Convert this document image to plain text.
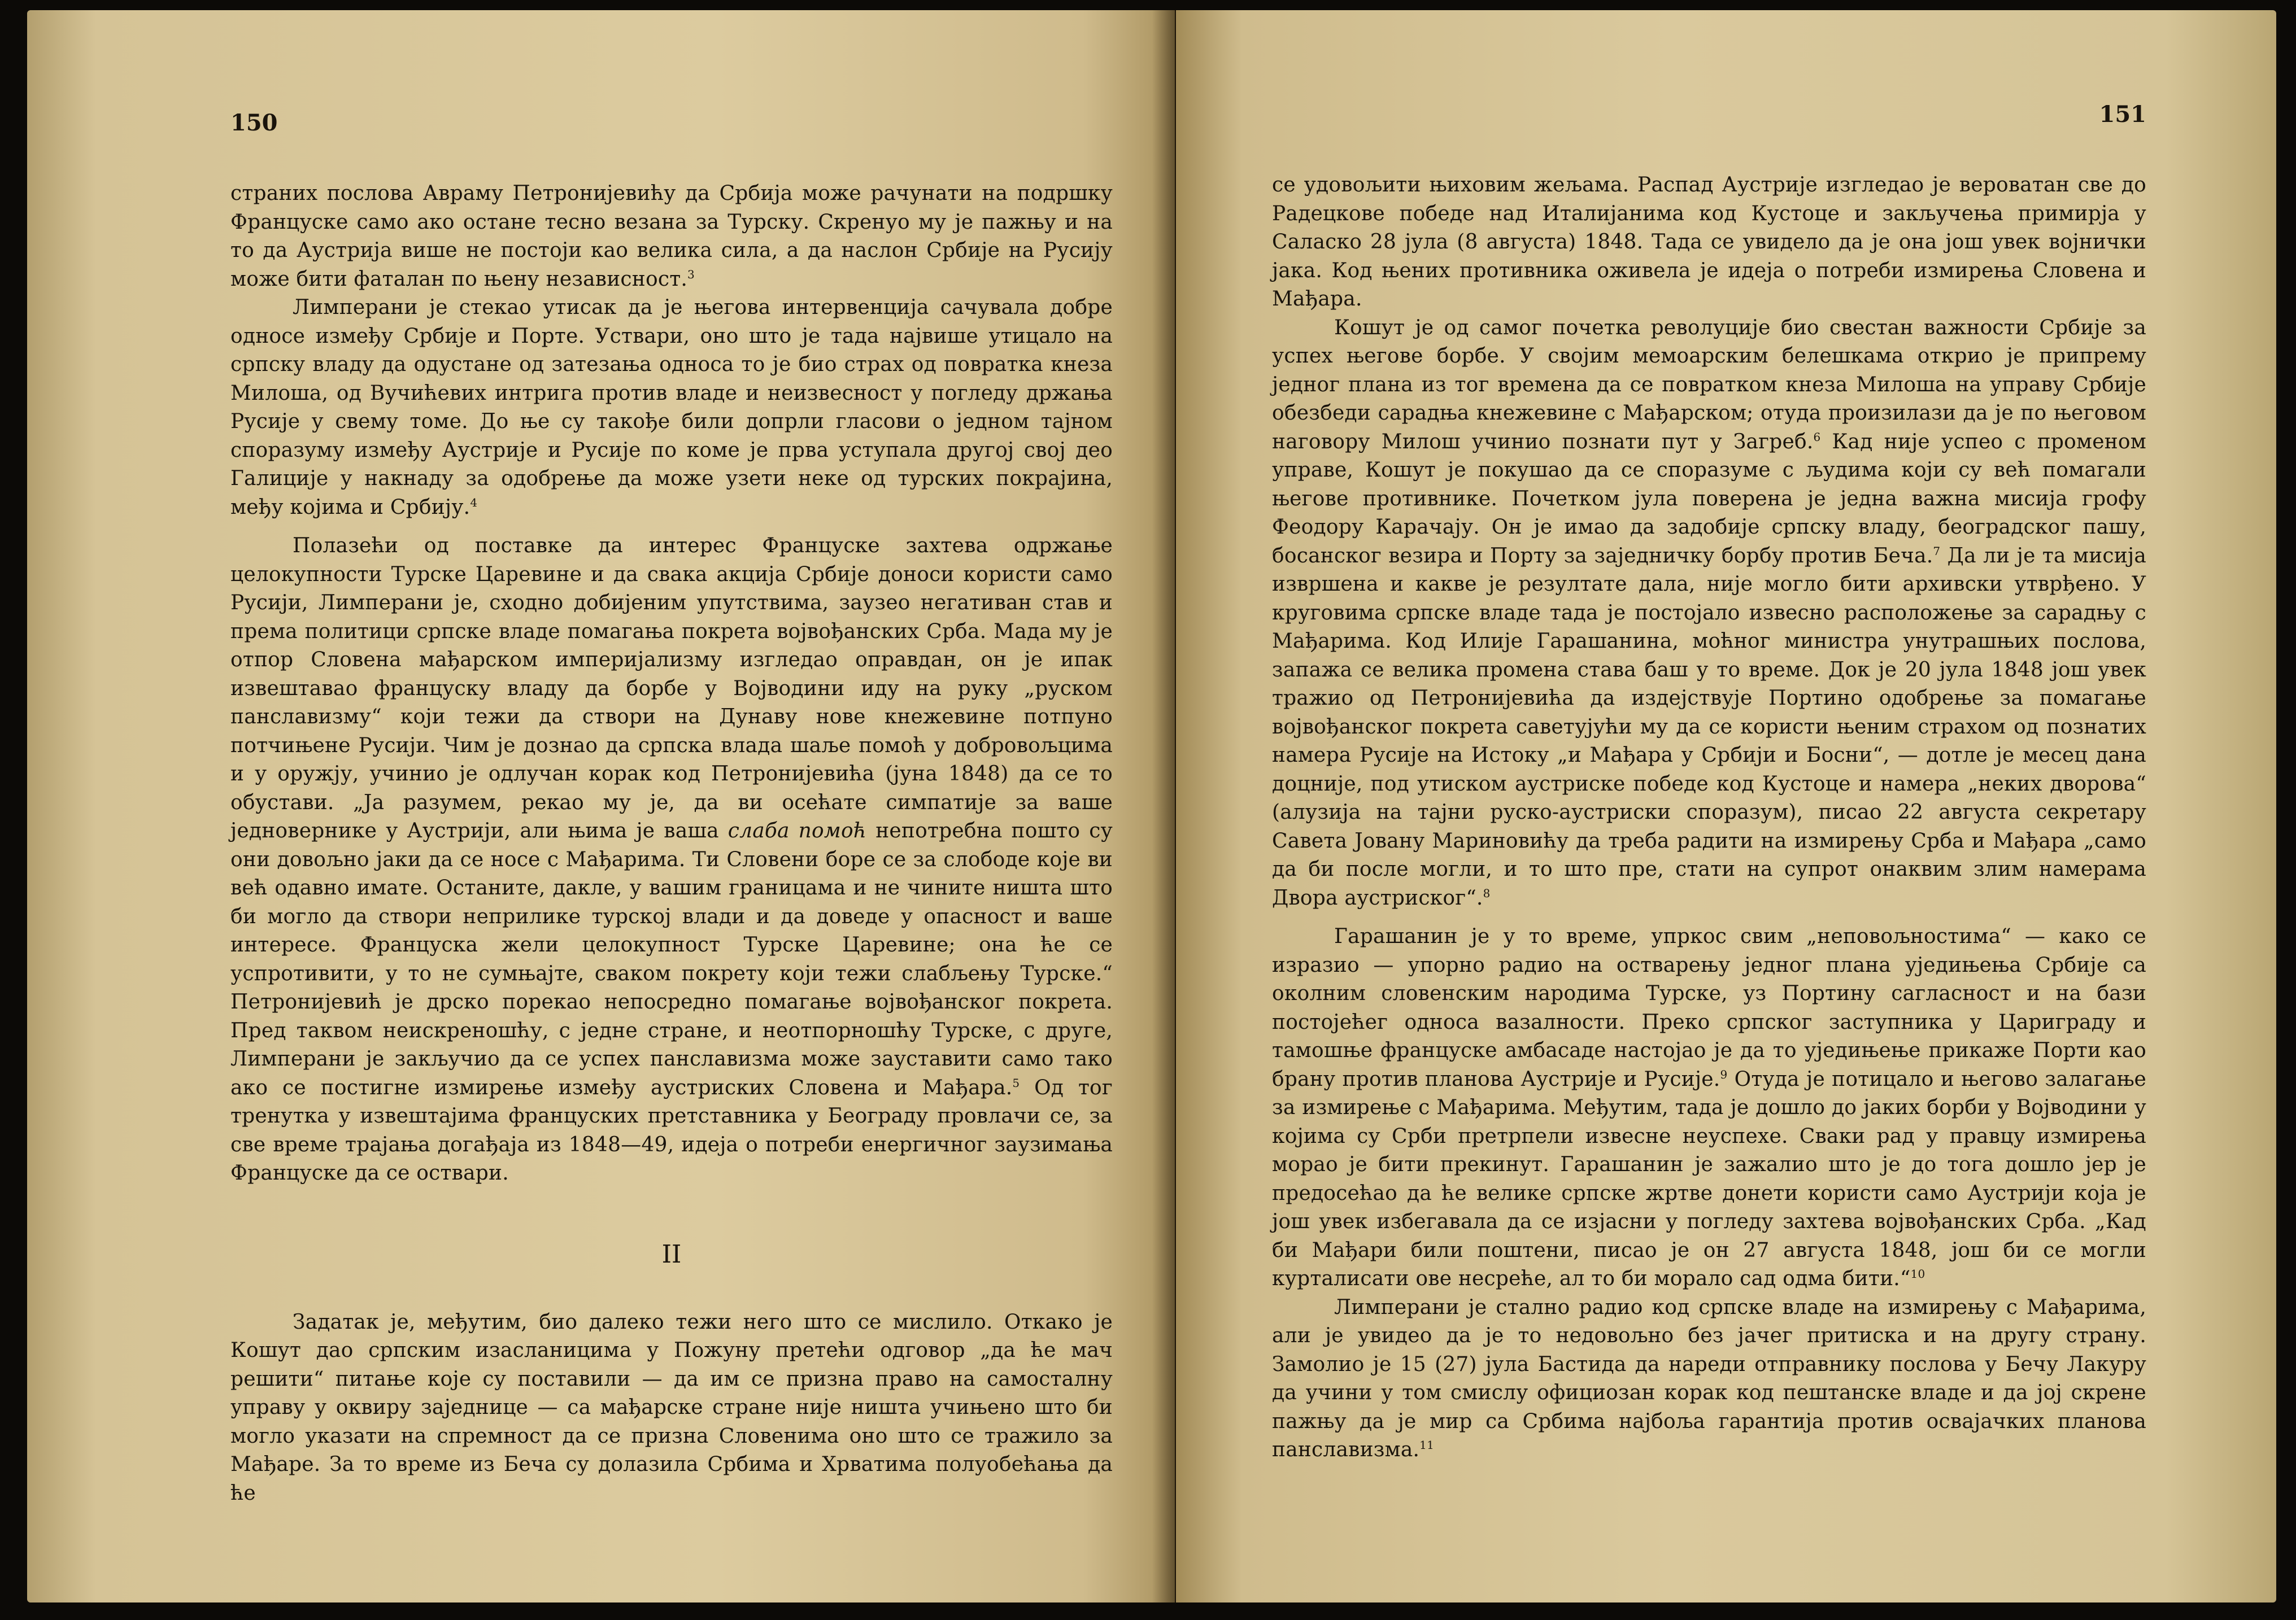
150

страних послова Авраму Петронијевићу да Србија може рачунати на подршку Француске само ако остане тесно везана за Турску. Скренуо му је пажњу и на то да Аустрија више не постоји као велика сила, а да наслон Србије на Русију може бити фаталан по њену независност.$^3$

Лимперани је стекао утисак да је његова интервенција сачувала добре односе између Србије и Порте. Уствари, оно што је тада највише утицало на српску владу да одустане од затезања односа то је био страх од повратка кнеза Милоша, од Вучићевих интрига против владе и неизвесност у погледу држања Русије у свему томе. До ње су такође били допрли гласови о једном тајном споразуму између Аустрије и Русије по коме је прва уступала другој свој део Галиције у накнаду за одобрење да може узети неке од турских покрајина, међу којима и Србију.$^4$

Полазећи од поставке да интерес Француске захтева одржање целокупности Турске Царевине и да свака акција Србије доноси користи само Русији, Лимперани је, сходно добијеним упутствима, заузео негативан став и према политици српске владе помагања покрета војвођанских Срба. Мада му је отпор Словена мађарском империјализму изгледао оправдан, он је ипак извештавао француску владу да борбе у Војводини иду на руку „руском панславизму“ који тежи да створи на Дунаву нове кнежевине потпуно потчињене Русији. Чим је дознао да српска влада шаље помоћ у добровољцима и у оружју, учинио је одлучан корак код Петронијевића (јуна 1848) да се то обустави. „Ја разумем, рекао му је, да ви осећате симпатије за ваше једновернике у Аустрији, али њима је ваша слаба помоћ непотребна пошто су они довољно јаки да се носе с Мађарима. Ти Словени боре се за слободе које ви већ одавно имате. Останите, дакле, у вашим границама и не чините ништа што би могло да створи неприлике турској влади и да доведе у опасност и ваше интересе. Француска жели целокупност Турске Царевине; она ће се успротивити, у то не сумњајте, сваком покрету који тежи слабљењу Турске.“ Петронијевић је дрско порекао непосредно помагање војвођанског покрета. Пред таквом неискреношћу, с једне стране, и неотпорношћу Турске, с друге, Лимперани је закључио да се успех панславизма може зауставити само тако ако се постигне измирење између аустриских Словена и Мађара.$^5$ Од тог тренутка у извештајима француских претставника у Београду провлачи се, за све време трајања догађаја из 1848—49, идеја о потреби енергичног заузимања Француске да се оствари.

II

Задатак је, међутим, био далеко тежи него што се мислило. Откако је Кошут дао српским изасланицима у Пожуну претећи одговор „да ће мач решити“ питање које су поставили — да им се призна право на самосталну управу у оквиру заједнице — са мађарске стране није ништа учињено што би могло указати на спремност да се призна Словенима оно што се тражило за Мађаре. За то време из Беча су долазила Србима и Хрватима полуобећања да ће

151

се удовољити њиховим жељама. Распад Аустрије изгледао је вероватан све до Радецкове победе над Италијанима код Кустоце и закључења примирја у Саласко 28 јула (8 августа) 1848. Тада се увидело да је она још увек војнички јака. Код њених противника оживела је идеја о потреби измирења Словена и Мађара.

Кошут је од самог почетка револуције био свестан важности Србије за успех његове борбе. У својим мемоарским белешкама открио је припрему једног плана из тог времена да се повратком кнеза Милоша на управу Србије обезбеди сарадња кнежевине с Мађарском; отуда произилази да је по његовом наговору Милош учинио познати пут у Загреб.$^6$ Кад није успео с променом управе, Кошут је покушао да се споразуме с људима који су већ помагали његове противнике. Почетком јула поверена је једна важна мисија грофу Феодору Карачају. Он је имао да задобије српску владу, београдског пашу, босанског везира и Порту за заједничку борбу против Беча.$^7$ Да ли је та мисија извршена и какве је резултате дала, није могло бити архивски утврђено. У круговима српске владе тада је постојало извесно расположење за сарадњу с Мађарима. Код Илије Гарашанина, моћног министра унутрашњих послова, запажа се велика промена става баш у то време. Док је 20 јула 1848 још увек тражио од Петронијевића да издејствује Портино одобрење за помагање војвођанског покрета саветујући му да се користи њеним страхом од познатих намера Русије на Истоку „и Мађара у Србији и Босни“, — дотле је месец дана доцније, под утиском аустриске победе код Кустоце и намера „неких дворова“ (алузија на тајни руско-аустриски споразум), писао 22 августа секретару Савета Јовану Мариновићу да треба радити на измирењу Срба и Мађара „само да би после могли, и то што пре, стати на супрот онаквим злим намерама Двора аустриског“.$^8$

Гарашанин је у то време, упркос свим „неповољностима“ — како се изразио — упорно радио на остварењу једног плана уједињења Србије са околним словенским народима Турске, уз Портину сагласност и на бази постојећег односа вазалности. Преко српског заступника у Цариграду и тамошње француске амбасаде настојао је да то уједињење прикаже Порти као брану против планова Аустрије и Русије.$^9$ Отуда је потицало и његово залагање за измирење с Мађарима. Међутим, тада је дошло до јаких борби у Војводини у којима су Срби претрпели извесне неуспехе. Сваки рад у правцу измирења морао је бити прекинут. Гарашанин је зажалио што је до тога дошло јер је предосећао да ће велике српске жртве донети користи само Аустрији која је још увек избегавала да се изјасни у погледу захтева војвођанских Срба. „Кад би Мађари били поштени, писао је он 27 августа 1848, још би се могли курталисати ове несреће, ал то би морало сад одма бити.“$^{10}$

Лимперани је стално радио код српске владе на измирењу с Мађарима, али је увидео да је то недовољно без јачег притиска и на другу страну. Замолио је 15 (27) јула Бастида да нареди отправнику послова у Бечу Лакуру да учини у том смислу официозан корак код пештанске владе и да јој скрене пажњу да је мир са Србима најбоља гарантија против освајачких планова панславизма.$^{11}$
